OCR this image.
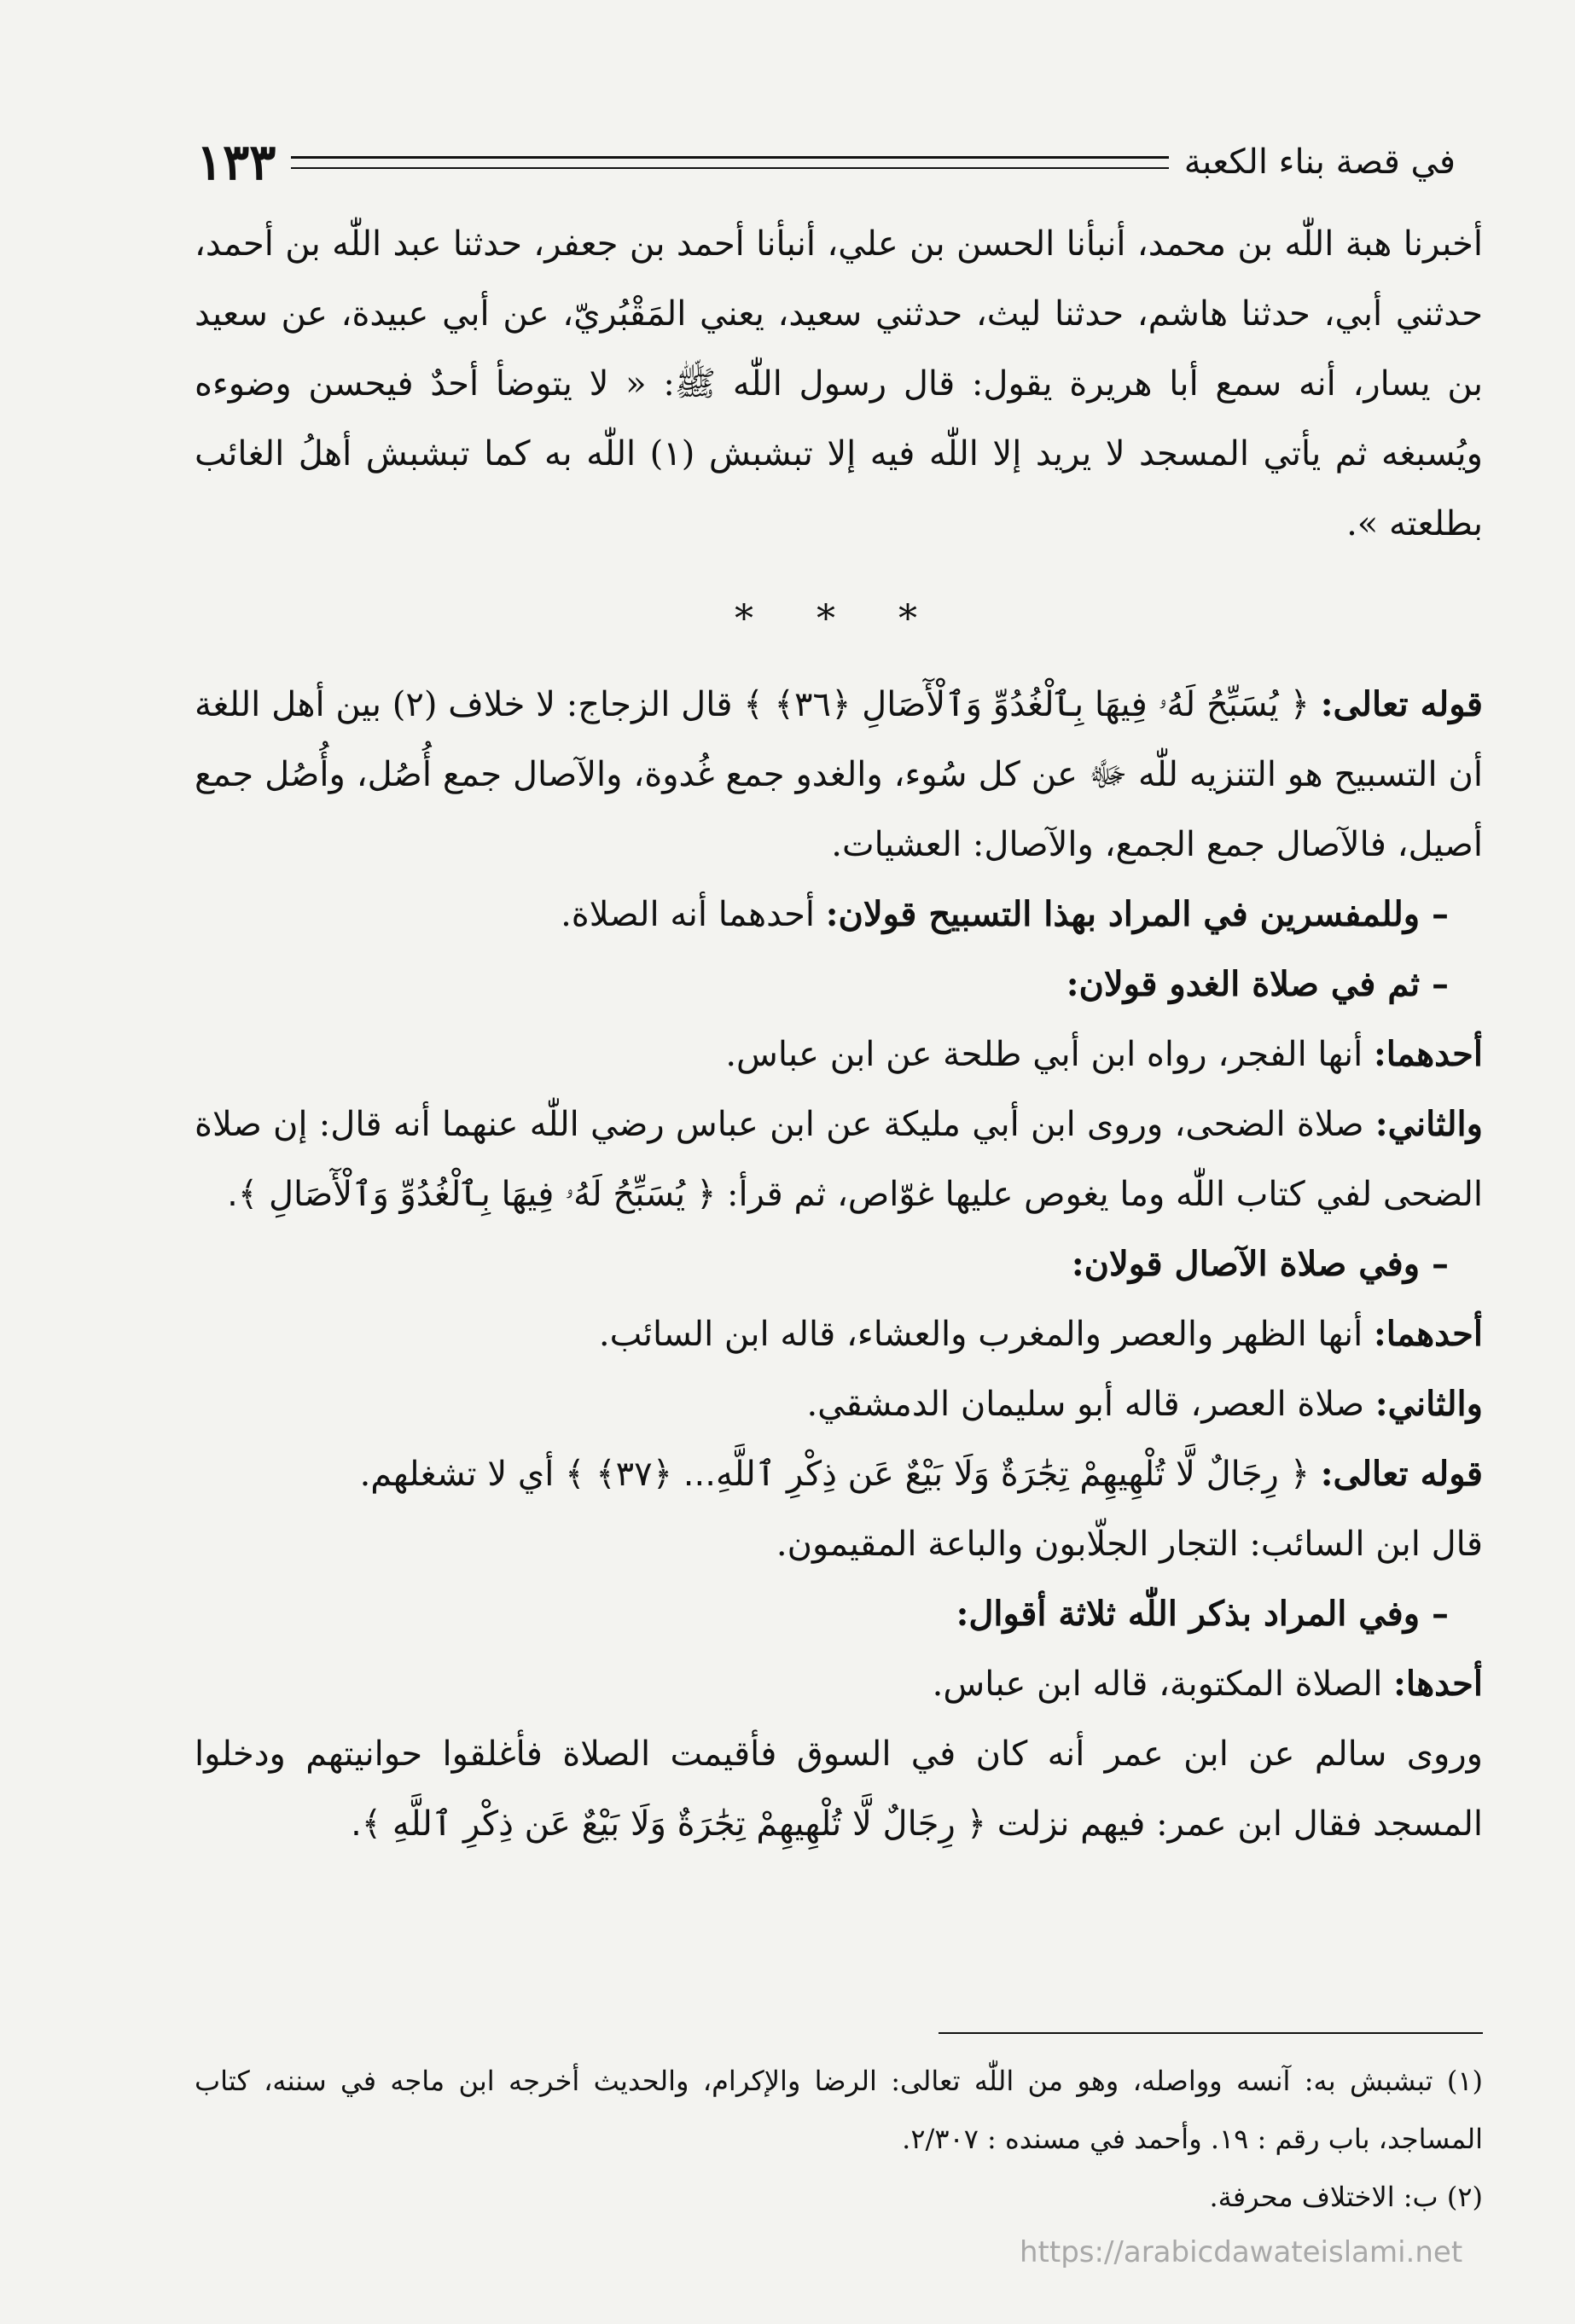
في قصة بناء الكعبة
١٣٣

أخبرنا هبة اللّٰه بن محمد، أنبأنا الحسن بن علي، أنبأنا أحمد بن جعفر، حدثنا عبد اللّٰه بن أحمد، حدثني أبي، حدثنا هاشم، حدثنا ليث، حدثني سعيد، يعني المَقْبُريّ، عن أبي عبيدة، عن سعيد بن يسار، أنه سمع أبا هريرة يقول: قال رسول اللّٰه ﷺ: « لا يتوضأ أحدٌ فيحسن وضوءه ويُسبغه ثم يأتي المسجد لا يريد إلا اللّٰه فيه إلا تبشبش (١) اللّٰه به كما تبشبش أهلُ الغائب بطلعته ».

* * *

قوله تعالى: ﴿ يُسَبِّحُ لَهُۥ فِيهَا بِٱلْغُدُوِّ وَٱلْأٓصَالِ ﴿٣٦﴾ ﴾ قال الزجاج: لا خلاف (٢) بين أهل اللغة أن التسبيح هو التنزيه للّٰه ﷻ عن كل سُوء، والغدو جمع غُدوة، والآصال جمع أُصُل، وأُصُل جمع أصيل، فالآصال جمع الجمع، والآصال: العشيات.

– وللمفسرين في المراد بهذا التسبيح قولان: أحدهما أنه الصلاة.

– ثم في صلاة الغدو قولان:

أحدهما: أنها الفجر، رواه ابن أبي طلحة عن ابن عباس.

والثاني: صلاة الضحى، وروى ابن أبي مليكة عن ابن عباس رضي اللّٰه عنهما أنه قال: إن صلاة الضحى لفي كتاب اللّٰه وما يغوص عليها غوّاص، ثم قرأ: ﴿ يُسَبِّحُ لَهُۥ فِيهَا بِٱلْغُدُوِّ وَٱلْأٓصَالِ ﴾.

– وفي صلاة الآصال قولان:

أحدهما: أنها الظهر والعصر والمغرب والعشاء، قاله ابن السائب.

والثاني: صلاة العصر، قاله أبو سليمان الدمشقي.

قوله تعالى: ﴿ رِجَالٌ لَّا تُلْهِيهِمْ تِجَٰرَةٌ وَلَا بَيْعٌ عَن ذِكْرِ ٱللَّهِ... ﴿٣٧﴾ ﴾ أي لا تشغلهم.

قال ابن السائب: التجار الجلّابون والباعة المقيمون.

– وفي المراد بذكر اللّٰه ثلاثة أقوال:

أحدها: الصلاة المكتوبة، قاله ابن عباس.

وروى سالم عن ابن عمر أنه كان في السوق فأقيمت الصلاة فأغلقوا حوانيتهم ودخلوا المسجد فقال ابن عمر: فيهم نزلت ﴿ رِجَالٌ لَّا تُلْهِيهِمْ تِجَٰرَةٌ وَلَا بَيْعٌ عَن ذِكْرِ ٱللَّهِ ﴾.

(١) تبشبش به: آنسه وواصله، وهو من اللّٰه تعالى: الرضا والإكرام، والحديث أخرجه ابن ماجه في سننه، كتاب المساجد، باب رقم : ١٩. وأحمد في مسنده : ٢/٣٠٧.

(٢) ب: الاختلاف محرفة.

https://arabicdawateislami.net
